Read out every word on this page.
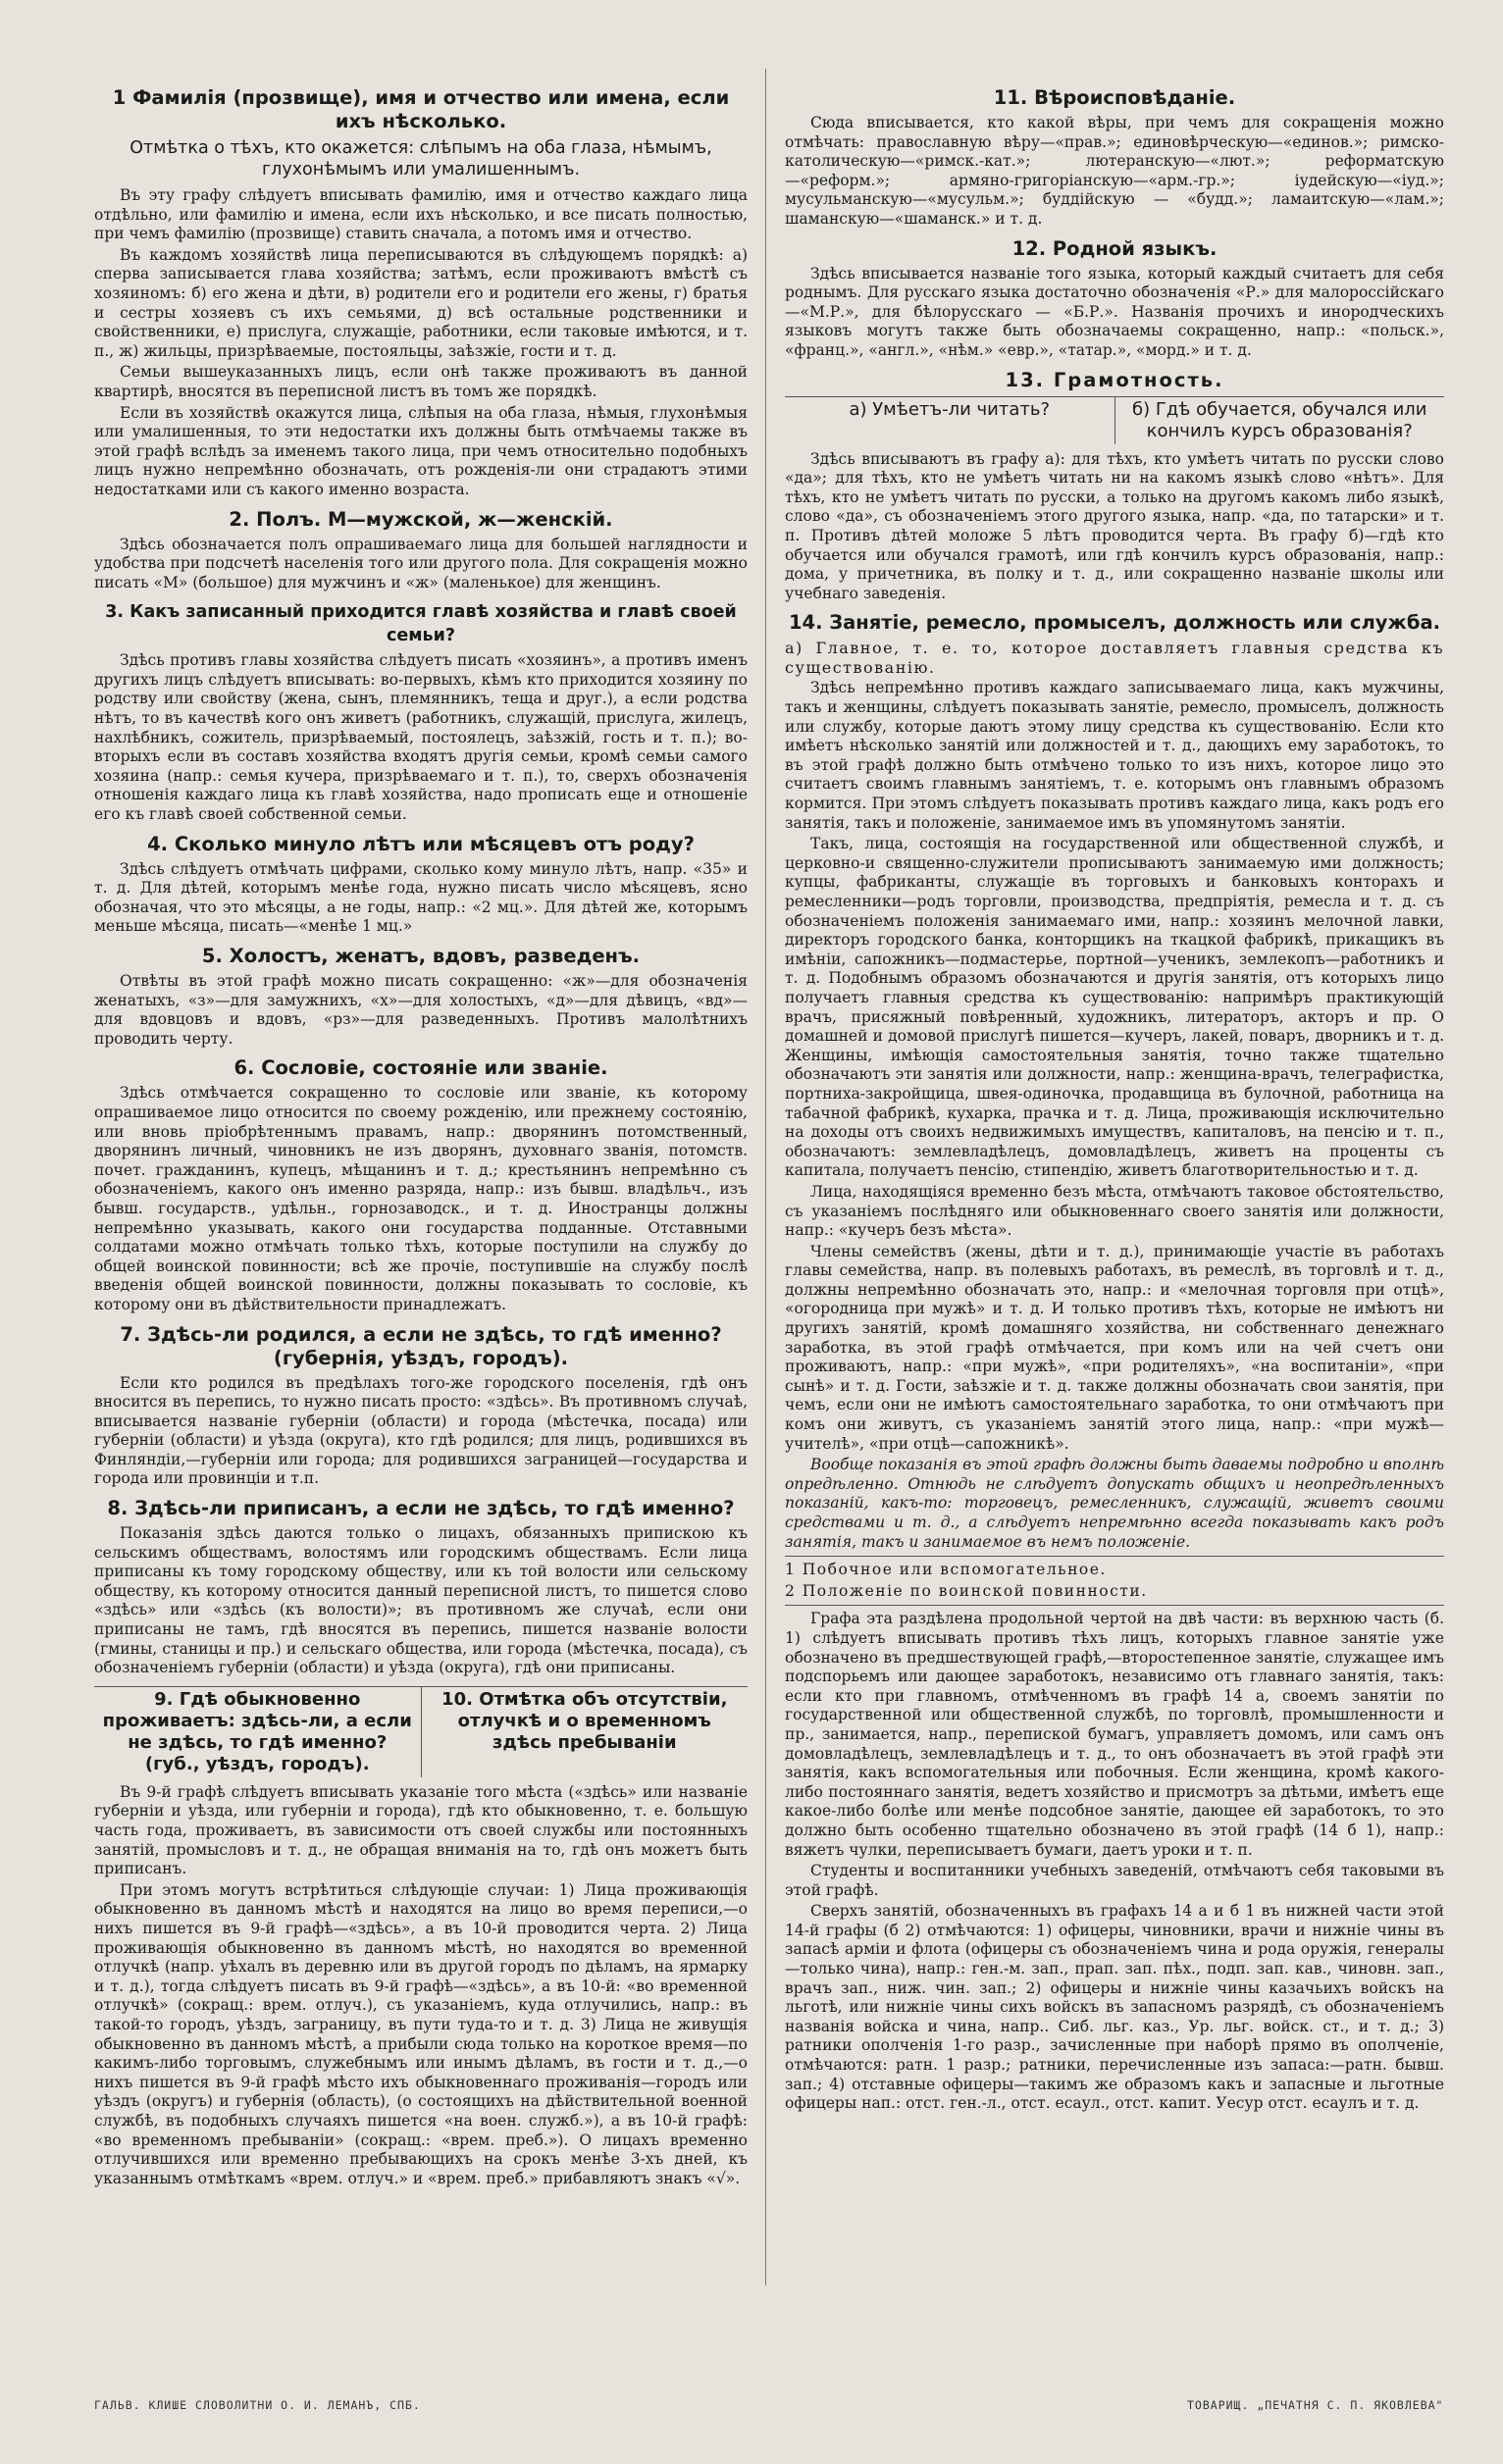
1 Фамилія (прозвище), имя и отчество или имена, если ихъ нѣсколько.
Отмѣтка о тѣхъ, кто окажется: слѣпымъ на оба глаза, нѣмымъ, глухонѣмымъ или умалишеннымъ.
Въ эту графу слѣдуетъ вписывать фамилію, имя и отчество каждаго лица отдѣльно, или фамилію и имена, если ихъ нѣсколько, и все писать полностью, при чемъ фамилію (прозвище) ставить сначала, а потомъ имя и отчество.
Въ каждомъ хозяйствѣ лица переписываются въ слѣдующемъ порядкѣ: а) сперва записывается глава хозяйства; затѣмъ, если проживаютъ вмѣстѣ съ хозяиномъ: б) его жена и дѣти, в) родители его и родители его жены, г) братья и сестры хозяевъ съ ихъ семьями, д) всѣ остальные родственники и свойственники, е) прислуга, служащіе, работники, если таковые имѣются, и т. п., ж) жильцы, призрѣваемые, постояльцы, заѣзжіе, гости и т. д.
Семьи вышеуказанныхъ лицъ, если онѣ также проживаютъ въ данной квартирѣ, вносятся въ переписной листъ въ томъ же порядкѣ.
Если въ хозяйствѣ окажутся лица, слѣпыя на оба глаза, нѣмыя, глухонѣмыя или умалишенныя, то эти недостатки ихъ должны быть отмѣчаемы также въ этой графѣ вслѣдъ за именемъ такого лица, при чемъ относительно подобныхъ лицъ нужно непремѣнно обозначать, отъ рожденія-ли они страдаютъ этими недостатками или съ какого именно возраста.
2. Полъ. М—мужской, ж—женскій.
Здѣсь обозначается полъ опрашиваемаго лица для большей наглядности и удобства при подсчетѣ населенія того или другого пола. Для сокращенія можно писать «М» (большое) для мужчинъ и «ж» (маленькое) для женщинъ.
3. Какъ записанный приходится главѣ хозяйства и главѣ своей семьи?
Здѣсь противъ главы хозяйства слѣдуетъ писать «хозяинъ», а противъ именъ другихъ лицъ слѣдуетъ вписывать: во-первыхъ, кѣмъ кто приходится хозяину по родству или свойству (жена, сынъ, племянникъ, теща и друг.), а если родства нѣтъ, то въ качествѣ кого онъ живетъ (работникъ, служащій, прислуга, жилецъ, нахлѣбникъ, сожитель, призрѣваемый, постоялецъ, заѣзжій, гость и т. п.); во-вторыхъ если въ составъ хозяйства входятъ другія семьи, кромѣ семьи самого хозяина (напр.: семья кучера, призрѣваемаго и т. п.), то, сверхъ обозначенія отношенія каждаго лица къ главѣ хозяйства, надо прописать еще и отношеніе его къ главѣ своей собственной семьи.
4. Сколько минуло лѣтъ или мѣсяцевъ отъ роду?
Здѣсь слѣдуетъ отмѣчать цифрами, сколько кому минуло лѣтъ, напр. «35» и т. д. Для дѣтей, которымъ менѣе года, нужно писать число мѣсяцевъ, ясно обозначая, что это мѣсяцы, а не годы, напр.: «2 мц.». Для дѣтей же, которымъ меньше мѣсяца, писать—«менѣе 1 мц.»
5. Холостъ, женатъ, вдовъ, разведенъ.
Отвѣты въ этой графѣ можно писать сокращенно: «ж»—для обозначенія женатыхъ, «з»—для замужнихъ, «х»—для холостыхъ, «д»—для дѣвицъ, «вд»—для вдовцовъ и вдовъ, «рз»—для разведенныхъ. Противъ малолѣтнихъ проводить черту.
6. Сословіе, состояніе или званіе.
Здѣсь отмѣчается сокращенно то сословіе или званіе, къ которому опрашиваемое лицо относится по своему рожденію, или прежнему состоянію, или вновь пріобрѣтеннымъ правамъ, напр.: дворянинъ потомственный, дворянинъ личный, чиновникъ не изъ дворянъ, духовнаго званія, потомств. почет. гражданинъ, купецъ, мѣщанинъ и т. д.; крестьянинъ непремѣнно съ обозначеніемъ, какого онъ именно разряда, напр.: изъ бывш. владѣльч., изъ бывш. государств., удѣльн., горнозаводск., и т. д. Иностранцы должны непремѣнно указывать, какого они государства подданные. Отставными солдатами можно отмѣчать только тѣхъ, которые поступили на службу до общей воинской повинности; всѣ же прочіе, поступившіе на службу послѣ введенія общей воинской повинности, должны показывать то сословіе, къ которому они въ дѣйствительности принадлежатъ.
7. Здѣсь-ли родился, а если не здѣсь, то гдѣ именно? (губернія, уѣздъ, городъ).
Если кто родился въ предѣлахъ того-же городского поселенія, гдѣ онъ вносится въ перепись, то нужно писать просто: «здѣсь». Въ противномъ случаѣ, вписывается названіе губерніи (области) и города (мѣстечка, посада) или губерніи (области) и уѣзда (округа), кто гдѣ родился; для лицъ, родившихся въ Финляндіи,—губерніи или города; для родившихся заграницей—государства и города или провинціи и т.п.
8. Здѣсь-ли приписанъ, а если не здѣсь, то гдѣ именно?
Показанія здѣсь даются только о лицахъ, обязанныхъ припискою къ сельскимъ обществамъ, волостямъ или городскимъ обществамъ. Если лица приписаны къ тому городскому обществу, или къ той волости или сельскому обществу, къ которому относится данный переписной листъ, то пишется слово «здѣсь» или «здѣсь (къ волости)»; въ противномъ же случаѣ, если они приписаны не тамъ, гдѣ вносятся въ перепись, пишется названіе волости (гмины, станицы и пр.) и сельскаго общества, или города (мѣстечка, посада), съ обозначеніемъ губерніи (области) и уѣзда (округа), гдѣ они приписаны.
9. Гдѣ обыкновенно проживаетъ: здѣсь-ли, а если не здѣсь, то гдѣ именно? (губ., уѣздъ, городъ).
10. Отмѣтка объ отсутствіи, отлучкѣ и о временномъ здѣсь пребываніи
Въ 9-й графѣ слѣдуетъ вписывать указаніе того мѣста («здѣсь» или названіе губерніи и уѣзда, или губерніи и города), гдѣ кто обыкновенно, т. е. большую часть года, проживаетъ, въ зависимости отъ своей службы или постоянныхъ занятій, промысловъ и т. д., не обращая вниманія на то, гдѣ онъ можетъ быть приписанъ.
При этомъ могутъ встрѣтиться слѣдующіе случаи: 1) Лица проживающія обыкновенно въ данномъ мѣстѣ и находятся на лицо во время переписи,—о нихъ пишется въ 9-й графѣ—«здѣсь», а въ 10-й проводится черта. 2) Лица проживающія обыкновенно въ данномъ мѣстѣ, но находятся во временной отлучкѣ (напр. уѣхалъ въ деревню или въ другой городъ по дѣламъ, на ярмарку и т. д.), тогда слѣдуетъ писать въ 9-й графѣ—«здѣсь», а въ 10-й: «во временной отлучкѣ» (сокращ.: врем. отлуч.), съ указаніемъ, куда отлучились, напр.: въ такой-то городъ, уѣздъ, заграницу, въ пути туда-то и т. д. 3) Лица не живущія обыкновенно въ данномъ мѣстѣ, а прибыли сюда только на короткое время—по какимъ-либо торговымъ, служебнымъ или инымъ дѣламъ, въ гости и т. д.,—о нихъ пишется въ 9-й графѣ мѣсто ихъ обыкновеннаго проживанія—городъ или уѣздъ (округъ) и губернія (область), (о состоящихъ на дѣйствительной военной службѣ, въ подобныхъ случаяхъ пишется «на воен. служб.»), а въ 10-й графѣ: «во временномъ пребываніи» (сокращ.: «врем. преб.»). О лицахъ временно отлучившихся или временно пребывающихъ на срокъ менѣе 3-хъ дней, къ указаннымъ отмѣткамъ «врем. отлуч.» и «врем. преб.» прибавляютъ знакъ «√».
11. Вѣроисповѣданіе.
Сюда вписывается, кто какой вѣры, при чемъ для сокращенія можно отмѣчать: православную вѣру—«прав.»; единовѣрческую—«единов.»; римско-католическую—«римск.-кат.»; лютеранскую—«лют.»; реформатскую—«реформ.»; армяно-григоріанскую—«арм.-гр.»; іудейскую—«іуд.»; мусульманскую—«мусульм.»; буддійскую — «будд.»; ламаитскую—«лам.»; шаманскую—«шаманск.» и т. д.
12. Родной языкъ.
Здѣсь вписывается названіе того языка, который каждый считаетъ для себя роднымъ. Для русскаго языка достаточно обозначенія «Р.» для малороссійскаго—«М.Р.», для бѣлорусскаго — «Б.Р.». Названія прочихъ и инородческихъ языковъ могутъ также быть обозначаемы сокращенно, напр.: «польск.», «франц.», «англ.», «нѣм.» «евр.», «татар.», «морд.» и т. д.
13. Грамотность.
а) Умѣетъ-ли читать?	б) Гдѣ обучается, обучался или кончилъ курсъ образованія?
Здѣсь вписываютъ въ графу а): для тѣхъ, кто умѣетъ читать по русски слово «да»; для тѣхъ, кто не умѣетъ читать ни на какомъ языкѣ слово «нѣтъ». Для тѣхъ, кто не умѣетъ читать по русски, а только на другомъ какомъ либо языкѣ, слово «да», съ обозначеніемъ этого другого языка, напр. «да, по татарски» и т. п. Противъ дѣтей моложе 5 лѣтъ проводится черта. Въ графу б)—гдѣ кто обучается или обучался грамотѣ, или гдѣ кончилъ курсъ образованія, напр.: дома, у причетника, въ полку и т. д., или сокращенно названіе школы или учебнаго заведенія.
14. Занятіе, ремесло, промыселъ, должность или служба.
а) Главное, т. е. то, которое доставляетъ главныя средства къ существованію.
Здѣсь непремѣнно противъ каждаго записываемаго лица, какъ мужчины, такъ и женщины, слѣдуетъ показывать занятіе, ремесло, промыселъ, должность или службу, которые даютъ этому лицу средства къ существованію. Если кто имѣетъ нѣсколько занятій или должностей и т. д., дающихъ ему заработокъ, то въ этой графѣ должно быть отмѣчено только то изъ нихъ, которое лицо это считаетъ своимъ главнымъ занятіемъ, т. е. которымъ онъ главнымъ образомъ кормится. При этомъ слѣдуетъ показывать противъ каждаго лица, какъ родъ его занятія, такъ и положеніе, занимаемое имъ въ упомянутомъ занятіи.
Такъ, лица, состоящія на государственной или общественной службѣ, и церковно-и священно-служители прописываютъ занимаемую ими должность; купцы, фабриканты, служащіе въ торговыхъ и банковыхъ конторахъ и ремесленники—родъ торговли, производства, предпріятія, ремесла и т. д. съ обозначеніемъ положенія занимаемаго ими, напр.: хозяинъ мелочной лавки, директоръ городского банка, конторщикъ на ткацкой фабрикѣ, прикащикъ въ имѣніи, сапожникъ—подмастерье, портной—ученикъ, землекопъ—работникъ и т. д. Подобнымъ образомъ обозначаются и другія занятія, отъ которыхъ лицо получаетъ главныя средства къ существованію: напримѣръ практикующій врачъ, присяжный повѣренный, художникъ, литераторъ, акторъ и пр. О домашней и домовой прислугѣ пишется—кучеръ, лакей, поваръ, дворникъ и т. д. Женщины, имѣющія самостоятельныя занятія, точно также тщательно обозначаютъ эти занятія или должности, напр.: женщина-врачъ, телеграфистка, портниха-закройщица, швея-одиночка, продавщица въ булочной, работница на табачной фабрикѣ, кухарка, прачка и т. д. Лица, проживающія исключительно на доходы отъ своихъ недвижимыхъ имуществъ, капиталовъ, на пенсію и т. п., обозначаютъ: землевладѣлецъ, домовладѣлецъ, живетъ на проценты съ капитала, получаетъ пенсію, стипендію, живетъ благотворительностью и т. д.
Лица, находящіяся временно безъ мѣста, отмѣчаютъ таковое обстоятельство, съ указаніемъ послѣдняго или обыкновеннаго своего занятія или должности, напр.: «кучеръ безъ мѣста».
Члены семействъ (жены, дѣти и т. д.), принимающіе участіе въ работахъ главы семейства, напр. въ полевыхъ работахъ, въ ремеслѣ, въ торговлѣ и т. д., должны непремѣнно обозначать это, напр.: и «мелочная торговля при отцѣ», «огородница при мужѣ» и т. д. И только противъ тѣхъ, которые не имѣютъ ни другихъ занятій, кромѣ домашняго хозяйства, ни собственнаго денежнаго заработка, въ этой графѣ отмѣчается, при комъ или на чей счетъ они проживаютъ, напр.: «при мужѣ», «при родителяхъ», «на воспитаніи», «при сынѣ» и т. д. Гости, заѣзжіе и т. д. также должны обозначать свои занятія, при чемъ, если они не имѣютъ самостоятельнаго заработка, то они отмѣчаютъ при комъ они живутъ, съ указаніемъ занятій этого лица, напр.: «при мужѣ—учителѣ», «при отцѣ—сапожникѣ».
Вообще показанія въ этой графѣ должны быть даваемы подробно и вполнѣ опредѣленно. Отнюдь не слѣдуетъ допускать общихъ и неопредѣленныхъ показаній, какъ-то: торговецъ, ремесленникъ, служащій, живетъ своими средствами и т. д., а слѣдуетъ непремѣнно всегда показывать какъ родъ занятія, такъ и занимаемое въ немъ положеніе.
1 Побочное или вспомогательное.
2 Положеніе по воинской повинности.
Графа эта раздѣлена продольной чертой на двѣ части: въ верхнюю часть (б. 1) слѣдуетъ вписывать противъ тѣхъ лицъ, которыхъ главное занятіе уже обозначено въ предшествующей графѣ,—второстепенное занятіе, служащее имъ подспорьемъ или дающее заработокъ, независимо отъ главнаго занятія, такъ: если кто при главномъ, отмѣченномъ въ графѣ 14 а, своемъ занятіи по государственной или общественной службѣ, по торговлѣ, промышленности и пр., занимается, напр., перепиской бумагъ, управляетъ домомъ, или самъ онъ домовладѣлецъ, землевладѣлецъ и т. д., то онъ обозначаетъ въ этой графѣ эти занятія, какъ вспомогательныя или побочныя. Если женщина, кромѣ какого-либо постояннаго занятія, ведетъ хозяйство и присмотръ за дѣтьми, имѣетъ еще какое-либо болѣе или менѣе подсобное занятіе, дающее ей заработокъ, то это должно быть особенно тщательно обозначено въ этой графѣ (14 б 1), напр.: вяжетъ чулки, переписываетъ бумаги, даетъ уроки и т. п.
Студенты и воспитанники учебныхъ заведеній, отмѣчаютъ себя таковыми въ этой графѣ.
Сверхъ занятій, обозначенныхъ въ графахъ 14 а и б 1 въ нижней части этой 14-й графы (б 2) отмѣчаются: 1) офицеры, чиновники, врачи и нижніе чины въ запасѣ арміи и флота (офицеры съ обозначеніемъ чина и рода оружія, генералы—только чина), напр.: ген.-м. зап., прап. зап. пѣх., подп. зап. кав., чиновн. зап., врачъ зап., ниж. чин. зап.; 2) офицеры и нижніе чины казачьихъ войскъ на льготѣ, или нижніе чины сихъ войскъ въ запасномъ разрядѣ, съ обозначеніемъ названія войска и чина, напр.. Сиб. льг. каз., Ур. льг. войск. ст., и т. д.; 3) ратники ополченія 1-го разр., зачисленные при наборѣ прямо въ ополченіе, отмѣчаются: ратн. 1 разр.; ратники, перечисленные изъ запаса:—ратн. бывш. зап.; 4) отставные офицеры—такимъ же образомъ какъ и запасные и льготные офицеры нап.: отст. ген.-л., отст. есаул., отст. капит. Уесур отст. есаулъ и т. д.
ГАЛЬВ. КЛИШЕ СЛОВОЛИТНИ О. И. ЛЕМАНЪ, СПБ.	ТОВАРИЩ. „ПЕЧАТНЯ С. П. ЯКОВЛЕВА"
